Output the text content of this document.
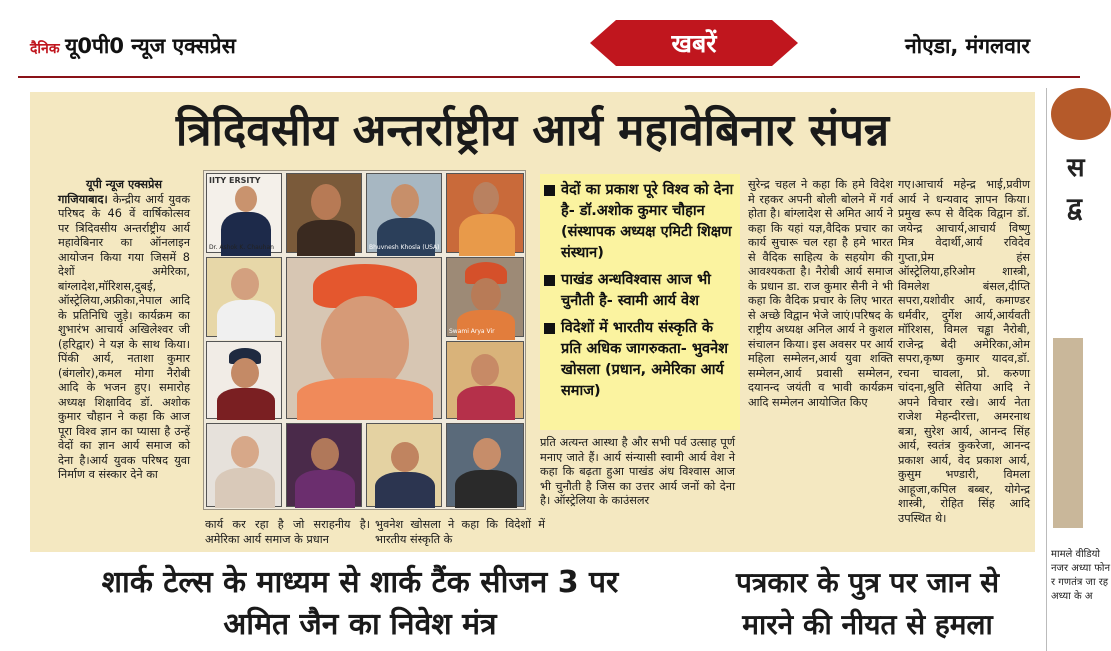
दैनिक यू0पी0 न्यूज एक्सप्रेस	खबरें	नोएडा, मंगलवार
त्रिदिवसीय अन्तर्राष्ट्रीय आर्य महावेबिनार संपन्न
यूपी न्यूज एक्सप्रेस
गाजियाबाद। केन्द्रीय आर्य युवक परिषद के 46 वें वार्षिकोत्सव पर त्रिदिवसीय अन्तर्राष्ट्रीय आर्य महावेबिनार का ऑनलाइन आयोजन किया गया जिसमें 8 देशों अमेरिका, बांग्लादेश,मॉरिशस,दुबई, ऑस्ट्रेलिया,अफ्रीका,नेपाल आदि के प्रतिनिधि जुड़े। कार्यक्रम का शुभारंभ आचार्य अखिलेश्वर जी (हरिद्वार) ने यज्ञ के साथ किया।पिंकी आर्य, नताशा कुमार (बंगलोर),कमल मोगा नैरोबी आदि के भजन हुए। समारोह अध्यक्ष शिक्षाविद डॉ. अशोक कुमार चौहान ने कहा कि आज पूरा विश्व ज्ञान का प्यासा है उन्हें वेदों का ज्ञान आर्य समाज को देना है।आर्य युवक परिषद युवा निर्माण व संस्कार देने का
IITY ERSITY
Dr. Ashok K. Chauhan	Bhuvnesh Khosla (USA)
Swami Arya Vir
कार्य कर रहा है जो सराहनीय है। अमेरिका आर्य समाज के प्रधान
भुवनेश खोसला ने कहा कि विदेशों में भारतीय संस्कृति के
वेदों का प्रकाश पूरे विश्व को देना है- डॉ.अशोक कुमार चौहान (संस्थापक अध्यक्ष एमिटी शिक्षण संस्थान)
पाखंड अन्धविश्वास आज भी चुनौती है- स्वामी आर्य वेश
विदेशों में भारतीय संस्कृति के प्रति अधिक जागरुकता- भुवनेश खोसला (प्रधान, अमेरिका आर्य समाज)
प्रति अत्यन्त आस्था है और सभी पर्व उत्साह पूर्ण मनाए जाते हैं। आर्य संन्यासी स्वामी आर्य वेश ने कहा कि बढ़ता हुआ पाखंड अंध विश्वास आज भी चुनौती है जिस का उत्तर आर्य जनों को देना है। ऑस्ट्रेलिया के काउंसलर
सुरेन्द्र चहल ने कहा कि हमे विदेश मे रहकर अपनी बोली बोलने में गर्व होता है। बांग्लादेश से अमित आर्य ने कहा कि यहां यज्ञ,वैदिक प्रचार का कार्य सुचारू चल रहा है हमे भारत से वैदिक साहित्य के सहयोग की आवश्यकता है। नैरोबी आर्य समाज के प्रधान डा. राज कुमार सैनी ने भी कहा कि वैदिक प्रचार के लिए भारत से अच्छे विद्वान भेजे जाएं।परिषद के राष्ट्रीय अध्यक्ष अनिल आर्य ने कुशल संचालन किया। इस अवसर पर आर्य महिला सम्मेलन,आर्य युवा शक्ति सम्मेलन,आर्य प्रवासी सम्मेलन, दयानन्द जयंती व भावी कार्यक्रम आदि सम्मेलन आयोजित किए
गए।आचार्य महेन्द्र भाई,प्रवीण आर्य ने धन्यवाद ज्ञापन किया। प्रमुख रूप से वैदिक विद्वान डॉ. जयेन्द्र आचार्य,आचार्य विष्णु मित्र वेदार्थी,आर्य रविदेव गुप्ता,प्रेम हंस ऑस्ट्रेलिया,हरिओम शास्त्री, विमलेश बंसल,दीप्ति सपरा,यशोवीर आर्य, कमाण्डर धर्मवीर, दुर्गेश आर्य,आर्यवती मॉरिशस, विमल चड्ढा नैरोबी, राजेन्द्र बेदी अमेरिका,ओम सपरा,कृष्ण कुमार यादव,डॉ. रचना चावला, प्रो. करुणा चांदना,श्रुति सेतिया आदि ने अपने विचार रखे। आर्य नेता राजेश मेहन्दीरत्ता, अमरनाथ बत्रा, सुरेश आर्य, आनन्द सिंह आर्य, स्वतंत्र कुकरेजा, आनन्द प्रकाश आर्य, वेद प्रकाश आर्य, कुसुम भण्डारी, विमला आहूजा,कपिल बब्बर, योगेन्द्र शास्त्री, रोहित सिंह आदि उपस्थित थे।
शार्क टेल्स के माध्यम से शार्क टैंक सीजन 3 पर
अमित जैन का निवेश मंत्र
पत्रकार के पुत्र पर जान से
मारने की नीयत से हमला
स
द्व
मामले वीडियो नजर अध्या फोन र गणतंत्र जा रह अध्या के अ
